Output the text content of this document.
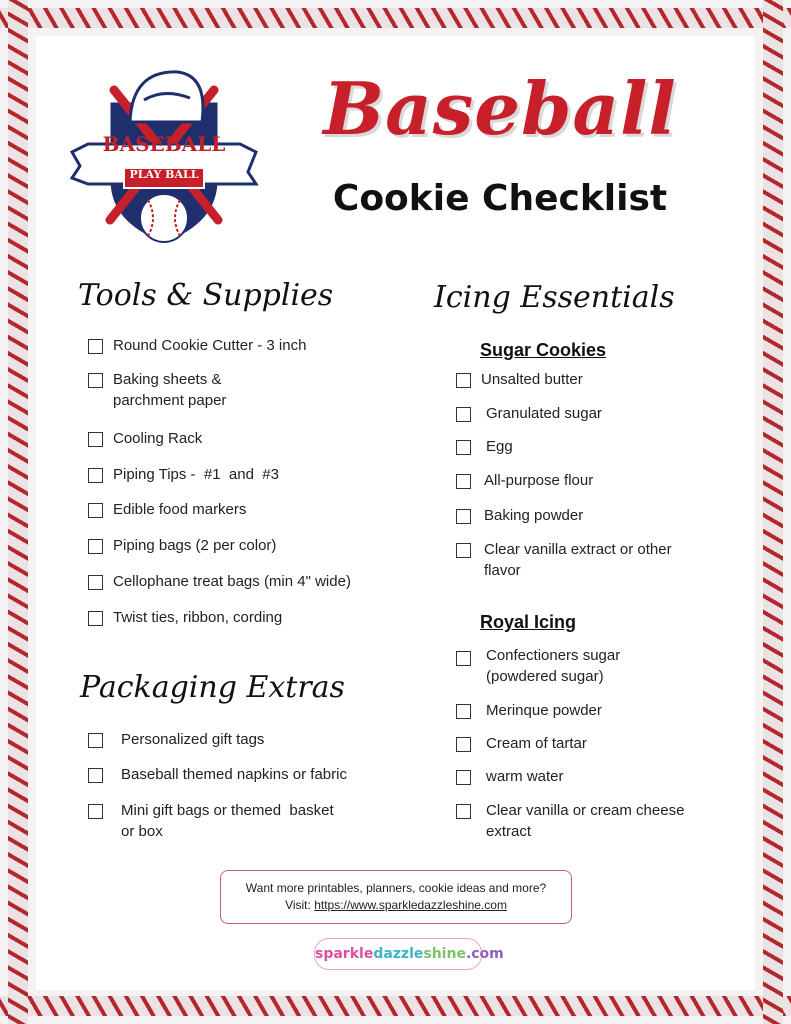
BASEBALL
PLAY BALL
Baseball
Cookie Checklist
Tools & Supplies
Round Cookie Cutter - 3 inch
Baking sheets &
parchment paper
Cooling Rack
Piping Tips -  #1  and  #3
Edible food markers
Piping bags (2 per color)
Cellophane treat bags (min 4" wide)
Twist ties, ribbon, cording
Packaging Extras
Personalized gift tags
Baseball themed napkins or fabric
Mini gift bags or themed  basket
or box
Icing Essentials
Sugar Cookies
Unsalted butter
Granulated sugar
Egg
All-purpose flour
Baking powder
Clear vanilla extract or other
flavor
Royal Icing
Confectioners sugar
(powdered sugar)
Merinque powder
Cream of tartar
warm water
Clear vanilla or cream cheese
extract
Want more printables, planners, cookie ideas and more?
Visit: https://www.sparkledazzleshine.com
sparkledazzleshine.com
